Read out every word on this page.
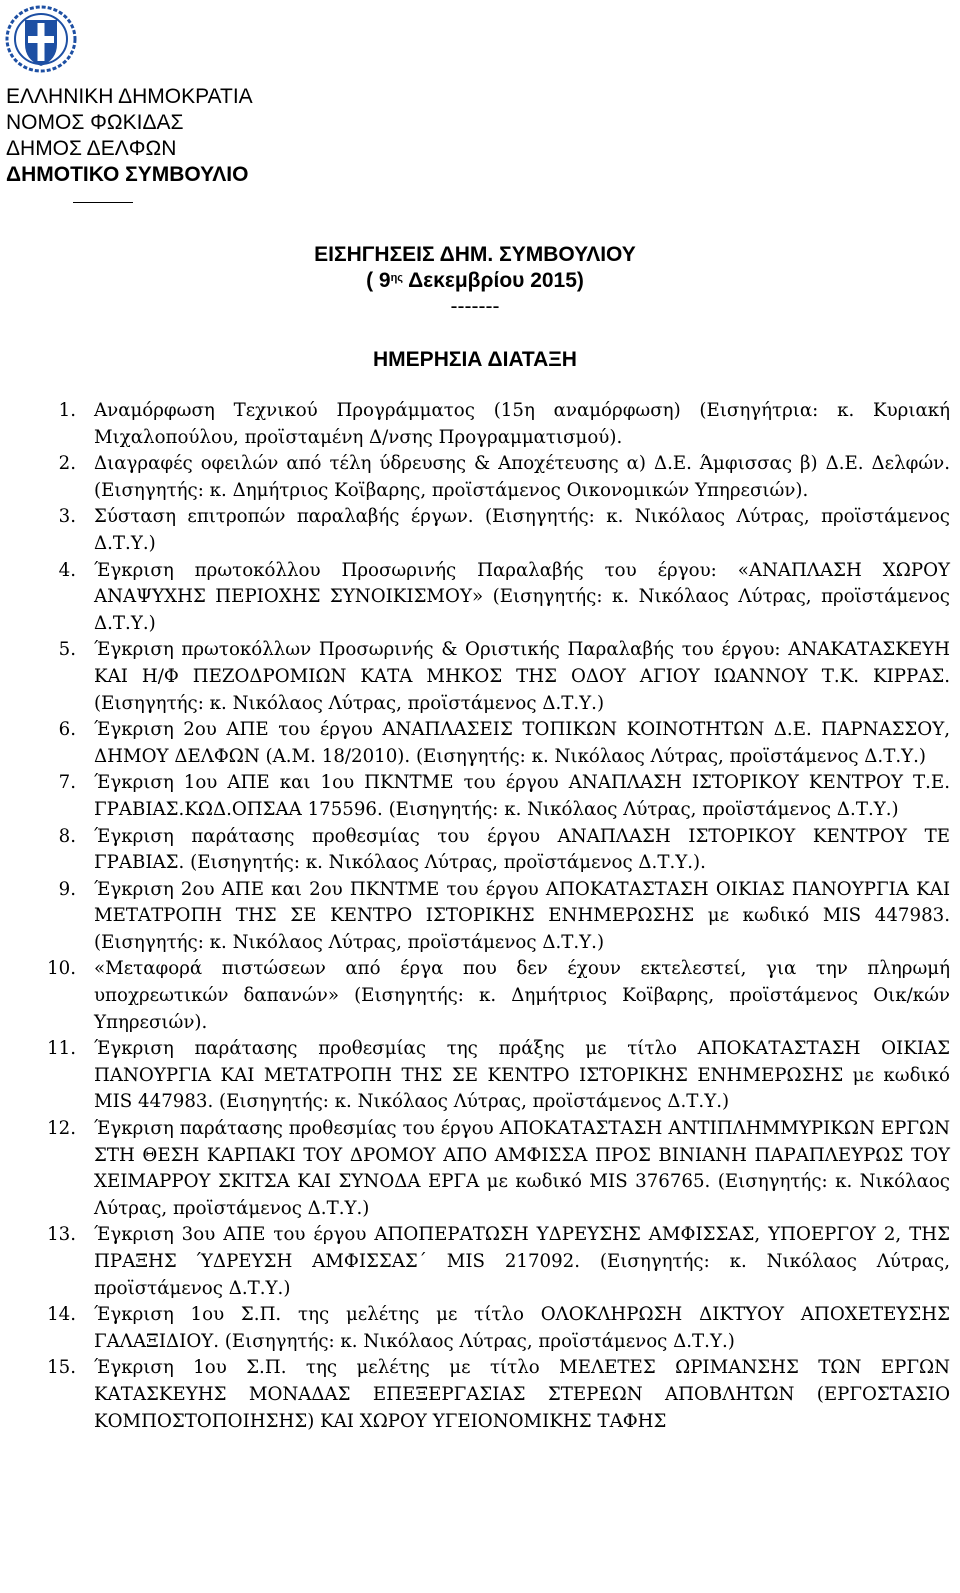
ΕΛΛΗΝΙΚΗ ΔΗΜΟΚΡΑΤΙΑ
ΝΟΜΟΣ ΦΩΚΙΔΑΣ
ΔΗΜΟΣ ΔΕΛΦΩΝ
ΔΗΜΟΤΙΚΟ ΣΥΜΒΟΥΛΙΟ
ΕΙΣΗΓΗΣΕΙΣ ΔΗΜ. ΣΥΜΒΟΥΛΙΟΥ
( $9^{\eta\varsigma}$ Δεκεμβρίου 2015)
-------
ΗΜΕΡΗΣΙΑ ΔΙΑΤΑΞΗ
1. Αναμόρφωση Τεχνικού Προγράμματος (15η αναμόρφωση) (Εισηγήτρια: κ. Κυριακή Μιχαλοπούλου, προϊσταμένη Δ/νσης Προγραμματισμού).
2. Διαγραφές οφειλών από τέλη ύδρευσης & Αποχέτευσης α) Δ.Ε. Άμφισσας β) Δ.Ε. Δελφών. (Εισηγητής: κ. Δημήτριος Κοϊβαρης, προϊστάμενος Οικονομικών Υπηρεσιών).
3. Σύσταση επιτροπών παραλαβής έργων. (Εισηγητής: κ. Νικόλαος Λύτρας, προϊστάμενος Δ.Τ.Υ.)
4. Έγκριση πρωτοκόλλου Προσωρινής Παραλαβής του έργου: «ΑΝΑΠΛΑΣΗ ΧΩΡΟΥ ΑΝΑΨΥΧΗΣ ΠΕΡΙΟΧΗΣ ΣΥΝΟΙΚΙΣΜΟΥ» (Εισηγητής: κ. Νικόλαος Λύτρας, προϊστάμενος Δ.Τ.Υ.)
5. Έγκριση πρωτοκόλλων Προσωρινής & Οριστικής Παραλαβής του έργου: ΑΝΑΚΑΤΑΣΚΕΥΗ ΚΑΙ Η/Φ ΠΕΖΟΔΡΟΜΙΩΝ ΚΑΤΑ ΜΗΚΟΣ ΤΗΣ ΟΔΟΥ ΑΓΙΟΥ ΙΩΑΝΝΟΥ Τ.Κ. ΚΙΡΡΑΣ. (Εισηγητής: κ. Νικόλαος Λύτρας, προϊστάμενος Δ.Τ.Υ.)
6. Έγκριση 2ου ΑΠΕ του έργου ΑΝΑΠΛΑΣΕΙΣ ΤΟΠΙΚΩΝ ΚΟΙΝΟΤΗΤΩΝ Δ.Ε. ΠΑΡΝΑΣΣΟΥ, ΔΗΜΟΥ ΔΕΛΦΩΝ (Α.Μ. 18/2010). (Εισηγητής: κ. Νικόλαος Λύτρας, προϊστάμενος Δ.Τ.Υ.)
7. Έγκριση 1ου ΑΠΕ και 1ου ΠΚΝΤΜΕ του έργου ΑΝΑΠΛΑΣΗ ΙΣΤΟΡΙΚΟΥ ΚΕΝΤΡΟΥ Τ.Ε. ΓΡΑΒΙΑΣ.ΚΩΔ.ΟΠΣΑΑ 175596. (Εισηγητής: κ. Νικόλαος Λύτρας, προϊστάμενος Δ.Τ.Υ.)
8. Έγκριση παράτασης προθεσμίας του έργου ΑΝΑΠΛΑΣΗ ΙΣΤΟΡΙΚΟΥ ΚΕΝΤΡΟΥ ΤΕ ΓΡΑΒΙΑΣ. (Εισηγητής: κ. Νικόλαος Λύτρας, προϊστάμενος Δ.Τ.Υ.).
9. Έγκριση 2ου ΑΠΕ και 2ου ΠΚΝΤΜΕ του έργου ΑΠΟΚΑΤΑΣΤΑΣΗ ΟΙΚΙΑΣ ΠΑΝΟΥΡΓΙΑ ΚΑΙ ΜΕΤΑΤΡΟΠΗ ΤΗΣ ΣΕ ΚΕΝΤΡΟ ΙΣΤΟΡΙΚΗΣ ΕΝΗΜΕΡΩΣΗΣ με κωδικό MIS 447983. (Εισηγητής: κ. Νικόλαος Λύτρας, προϊστάμενος Δ.Τ.Υ.)
10. «Μεταφορά πιστώσεων από έργα που δεν έχουν εκτελεστεί, για την πληρωμή υποχρεωτικών δαπανών» (Εισηγητής: κ. Δημήτριος Κοϊβαρης, προϊστάμενος Οικ/κών Υπηρεσιών).
11. Έγκριση παράτασης προθεσμίας της πράξης με τίτλο ΑΠΟΚΑΤΑΣΤΑΣΗ ΟΙΚΙΑΣ ΠΑΝΟΥΡΓΙΑ ΚΑΙ ΜΕΤΑΤΡΟΠΗ ΤΗΣ ΣΕ ΚΕΝΤΡΟ ΙΣΤΟΡΙΚΗΣ ΕΝΗΜΕΡΩΣΗΣ με κωδικό MIS 447983. (Εισηγητής: κ. Νικόλαος Λύτρας, προϊστάμενος Δ.Τ.Υ.)
12. Έγκριση παράτασης προθεσμίας του έργου ΑΠΟΚΑΤΑΣΤΑΣΗ ΑΝΤΙΠΛΗΜΜΥΡΙΚΩΝ ΕΡΓΩΝ ΣΤΗ ΘΕΣΗ ΚΑΡΠΑΚΙ ΤΟΥ ΔΡΟΜΟΥ ΑΠΟ ΑΜΦΙΣΣΑ ΠΡΟΣ ΒΙΝΙΑΝΗ ΠΑΡΑΠΛΕΥΡΩΣ ΤΟΥ ΧΕΙΜΑΡΡΟΥ ΣΚΙΤΣΑ ΚΑΙ ΣΥΝΟΔΑ ΕΡΓΑ με κωδικό MIS 376765. (Εισηγητής: κ. Νικόλαος Λύτρας, προϊστάμενος Δ.Τ.Υ.)
13. Έγκριση 3ου ΑΠΕ του έργου ΑΠΟΠΕΡΑΤΩΣΗ ΥΔΡΕΥΣΗΣ ΑΜΦΙΣΣΑΣ, ΥΠΟΕΡΓΟΥ 2, ΤΗΣ ΠΡΑΞΗΣ ΎΔΡΕΥΣΗ ΑΜΦΙΣΣΑΣ΄ MIS 217092. (Εισηγητής: κ. Νικόλαος Λύτρας, προϊστάμενος Δ.Τ.Υ.)
14. Έγκριση 1ου Σ.Π. της μελέτης με τίτλο ΟΛΟΚΛΗΡΩΣΗ ΔΙΚΤΥΟΥ ΑΠΟΧΕΤΕΥΣΗΣ ΓΑΛΑΞΙΔΙΟΥ. (Εισηγητής: κ. Νικόλαος Λύτρας, προϊστάμενος Δ.Τ.Υ.)
15. Έγκριση 1ου Σ.Π. της μελέτης με τίτλο ΜΕΛΕΤΕΣ ΩΡΙΜΑΝΣΗΣ ΤΩΝ ΕΡΓΩΝ ΚΑΤΑΣΚΕΥΗΣ ΜΟΝΑΔΑΣ ΕΠΕΞΕΡΓΑΣΙΑΣ ΣΤΕΡΕΩΝ ΑΠΟΒΛΗΤΩΝ (ΕΡΓΟΣΤΑΣΙΟ ΚΟΜΠΟΣΤΟΠΟΙΗΣΗΣ) ΚΑΙ ΧΩΡΟΥ ΥΓΕΙΟΝΟΜΙΚΗΣ ΤΑΦΗΣ
